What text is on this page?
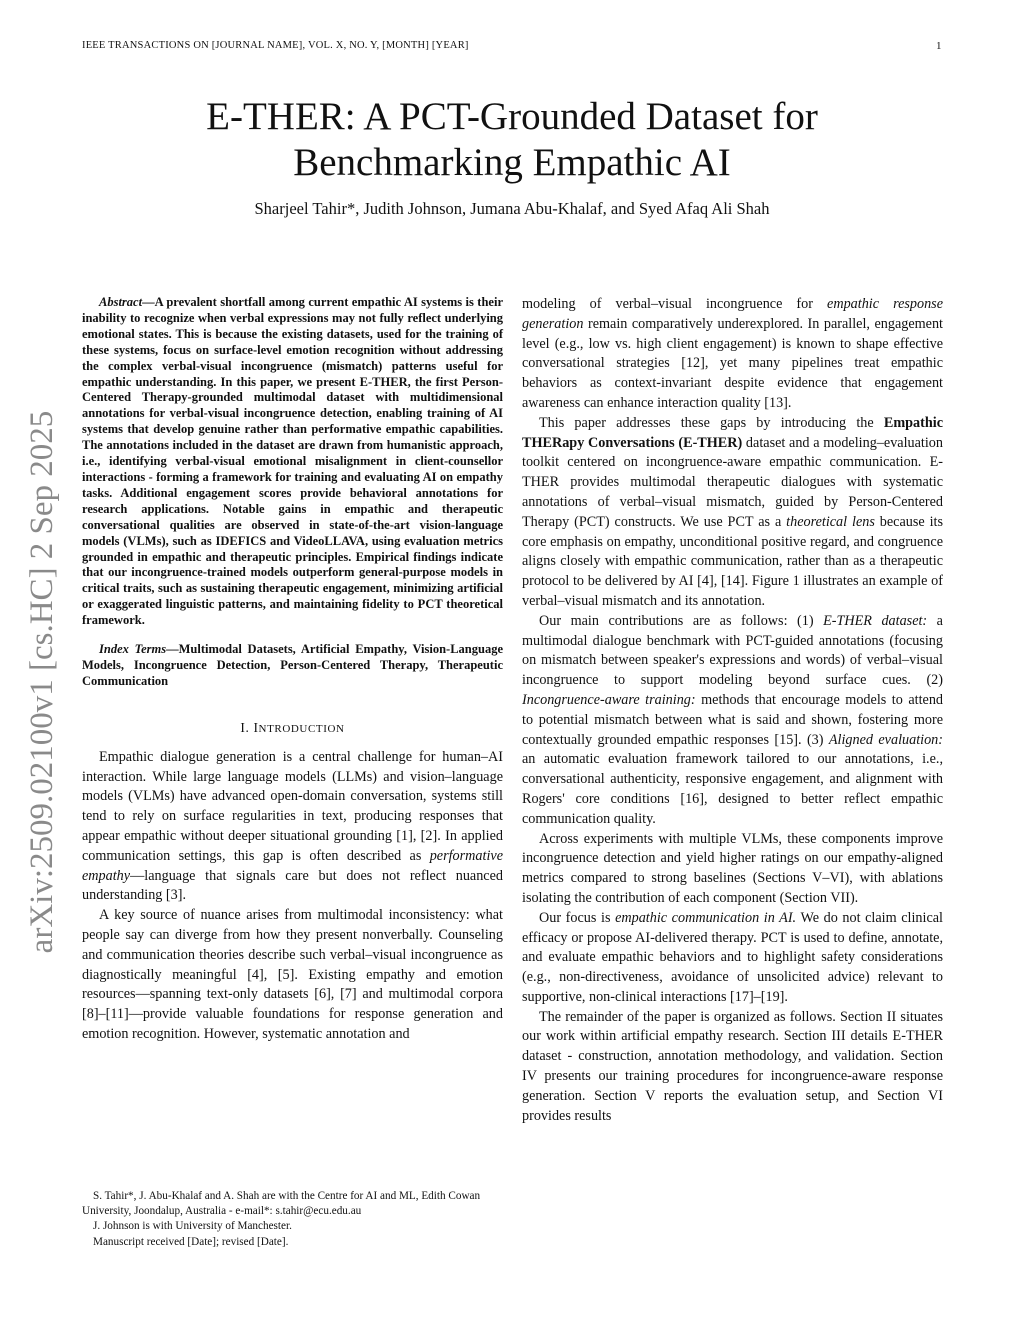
IEEE TRANSACTIONS ON [JOURNAL NAME], VOL. X, NO. Y, [MONTH] [YEAR]	1
E-THER: A PCT-Grounded Dataset for
Benchmarking Empathic AI
Sharjeel Tahir*, Judith Johnson, Jumana Abu-Khalaf, and Syed Afaq Ali Shah
arXiv:2509.02100v1 [cs.HC] 2 Sep 2025

Abstract—A prevalent shortfall among current empathic AI systems is their inability to recognize when verbal expressions may not fully reflect underlying emotional states. This is because the existing datasets, used for the training of these systems, focus on surface-level emotion recognition without addressing the complex verbal-visual incongruence (mismatch) patterns useful for empathic understanding. In this paper, we present E-THER, the first Person-Centered Therapy-grounded multimodal dataset with multidimensional annotations for verbal-visual incongruence detection, enabling training of AI systems that develop genuine rather than performative empathic capabilities. The annotations included in the dataset are drawn from humanistic approach, i.e., identifying verbal-visual emotional misalignment in client-counsellor interactions - forming a framework for training and evaluating AI on empathy tasks. Additional engagement scores provide behavioral annotations for research applications. Notable gains in empathic and therapeutic conversational qualities are observed in state-of-the-art vision-language models (VLMs), such as IDEFICS and VideoLLAVA, using evaluation metrics grounded in empathic and therapeutic principles. Empirical findings indicate that our incongruence-trained models outperform general-purpose models in critical traits, such as sustaining therapeutic engagement, minimizing artificial or exaggerated linguistic patterns, and maintaining fidelity to PCT theoretical framework.

Index Terms—Multimodal Datasets, Artificial Empathy, Vision-Language Models, Incongruence Detection, Person-Centered Therapy, Therapeutic Communication

I. INTRODUCTION

Empathic dialogue generation is a central challenge for human–AI interaction. While large language models (LLMs) and vision–language models (VLMs) have advanced open-domain conversation, systems still tend to rely on surface regularities in text, producing responses that appear empathic without deeper situational grounding [1], [2]. In applied communication settings, this gap is often described as performative empathy—language that signals care but does not reflect nuanced understanding [3].

A key source of nuance arises from multimodal inconsistency: what people say can diverge from how they present nonverbally. Counseling and communication theories describe such verbal–visual incongruence as diagnostically meaningful [4], [5]. Existing empathy and emotion resources—spanning text-only datasets [6], [7] and multimodal corpora [8]–[11]—provide valuable foundations for response generation and emotion recognition. However, systematic annotation and

modeling of verbal–visual incongruence for empathic response generation remain comparatively underexplored. In parallel, engagement level (e.g., low vs. high client engagement) is known to shape effective conversational strategies [12], yet many pipelines treat empathic behaviors as context-invariant despite evidence that engagement awareness can enhance interaction quality [13].

This paper addresses these gaps by introducing the Empathic THERapy Conversations (E-THER) dataset and a modeling–evaluation toolkit centered on incongruence-aware empathic communication. E-THER provides multimodal therapeutic dialogues with systematic annotations of verbal–visual mismatch, guided by Person-Centered Therapy (PCT) constructs. We use PCT as a theoretical lens because its core emphasis on empathy, unconditional positive regard, and congruence aligns closely with empathic communication, rather than as a therapeutic protocol to be delivered by AI [4], [14]. Figure 1 illustrates an example of verbal–visual mismatch and its annotation.

Our main contributions are as follows: (1) E-THER dataset: a multimodal dialogue benchmark with PCT-guided annotations (focusing on mismatch between speaker's expressions and words) of verbal–visual incongruence to support modeling beyond surface cues. (2) Incongruence-aware training: methods that encourage models to attend to potential mismatch between what is said and shown, fostering more contextually grounded empathic responses [15]. (3) Aligned evaluation: an automatic evaluation framework tailored to our annotations, i.e., conversational authenticity, responsive engagement, and alignment with Rogers' core conditions [16], designed to better reflect empathic communication quality.

Across experiments with multiple VLMs, these components improve incongruence detection and yield higher ratings on our empathy-aligned metrics compared to strong baselines (Sections V–VI), with ablations isolating the contribution of each component (Section VII).

Our focus is empathic communication in AI. We do not claim clinical efficacy or propose AI-delivered therapy. PCT is used to define, annotate, and evaluate empathic behaviors and to highlight safety considerations (e.g., non-directiveness, avoidance of unsolicited advice) relevant to supportive, non-clinical interactions [17]–[19].

The remainder of the paper is organized as follows. Section II situates our work within artificial empathy research. Section III details E-THER dataset - construction, annotation methodology, and validation. Section IV presents our training procedures for incongruence-aware response generation. Section V reports the evaluation setup, and Section VI provides results

S. Tahir*, J. Abu-Khalaf and A. Shah are with the Centre for AI and ML, Edith Cowan University, Joondalup, Australia - e-mail*: s.tahir@ecu.edu.au

J. Johnson is with University of Manchester.

Manuscript received [Date]; revised [Date].
